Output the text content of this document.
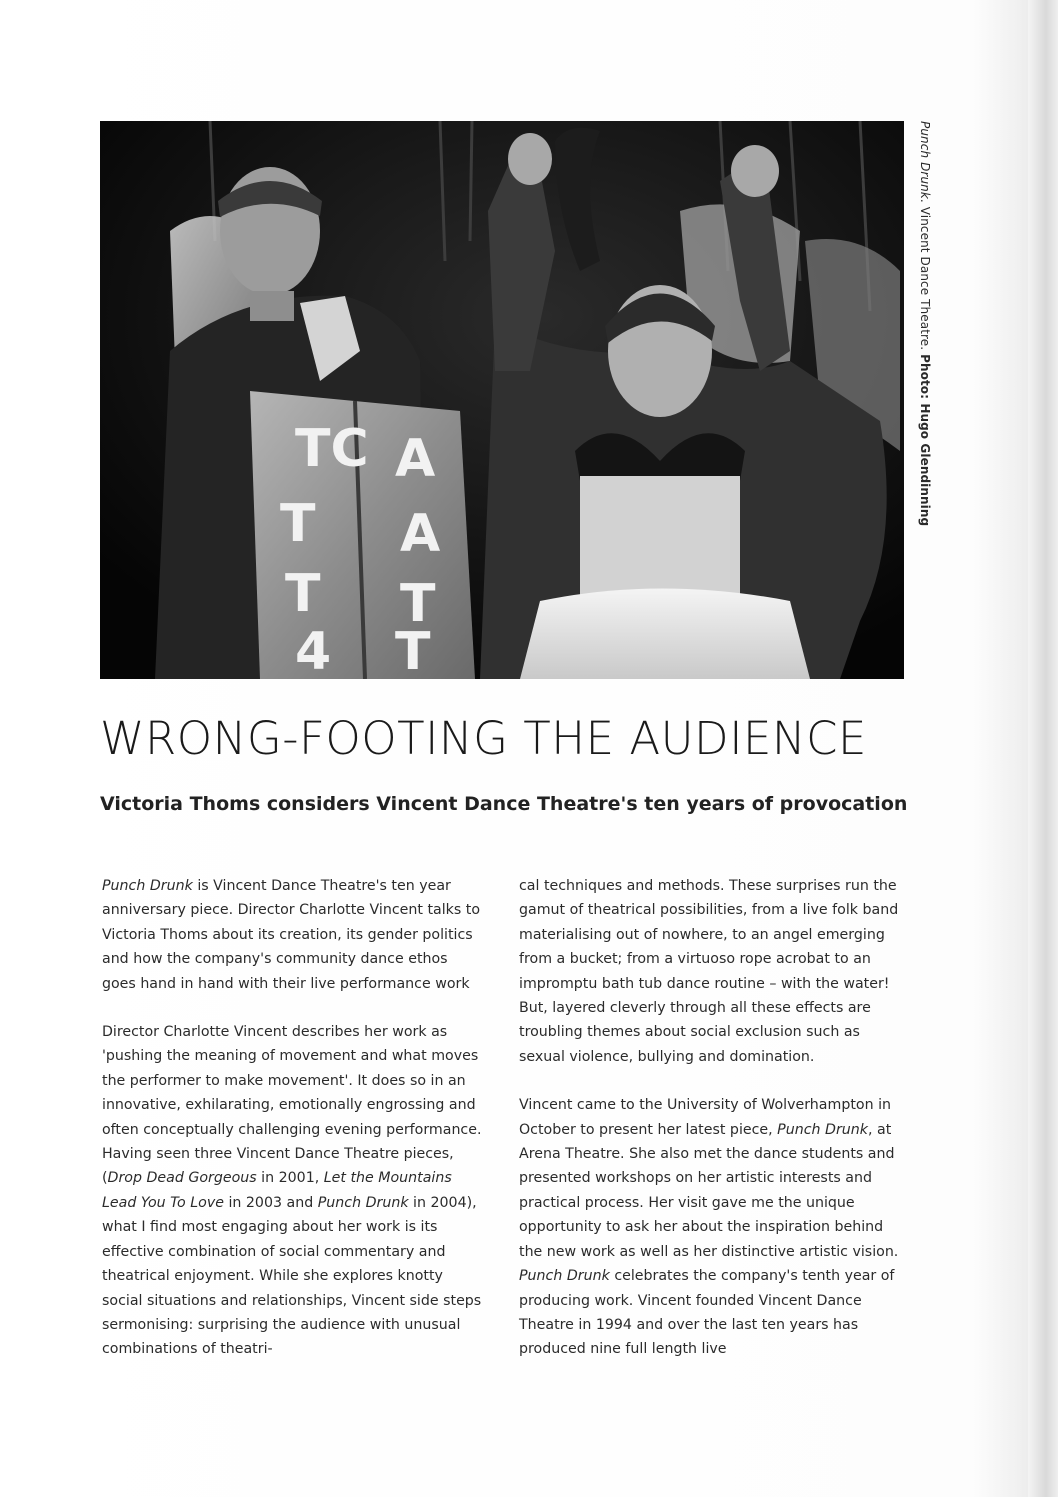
TC A
T A
T T
4 T
Punch Drunk. Vincent Dance Theatre. Photo: Hugo Glendinning
WRONG-FOOTING THE AUDIENCE
Victoria Thoms considers Vincent Dance Theatre's ten years of provocation

Punch Drunk is Vincent Dance Theatre's ten year anniversary piece. Director Charlotte Vincent talks to Victoria Thoms about its creation, its gender politics and how the company's community dance ethos goes hand in hand with their live performance work

Director Charlotte Vincent describes her work as 'pushing the meaning of movement and what moves the performer to make movement'. It does so in an innovative, exhilarating, emotionally engrossing and often conceptually challenging evening performance. Having seen three Vincent Dance Theatre pieces, (Drop Dead Gorgeous in 2001, Let the Mountains Lead You To Love in 2003 and Punch Drunk in 2004), what I find most engaging about her work is its effective combination of social commentary and theatrical enjoyment. While she explores knotty social situations and relationships, Vincent side steps sermonising: surprising the audience with unusual combinations of theatri-

cal techniques and methods. These surprises run the gamut of theatrical possibilities, from a live folk band materialising out of nowhere, to an angel emerging from a bucket; from a virtuoso rope acrobat to an impromptu bath tub dance routine – with the water! But, layered cleverly through all these effects are troubling themes about social exclusion such as sexual violence, bullying and domination.

Vincent came to the University of Wolverhampton in October to present her latest piece, Punch Drunk, at Arena Theatre. She also met the dance students and presented workshops on her artistic interests and practical process. Her visit gave me the unique opportunity to ask her about the inspiration behind the new work as well as her distinctive artistic vision. Punch Drunk celebrates the company's tenth year of producing work. Vincent founded Vincent Dance Theatre in 1994 and over the last ten years has produced nine full length live
